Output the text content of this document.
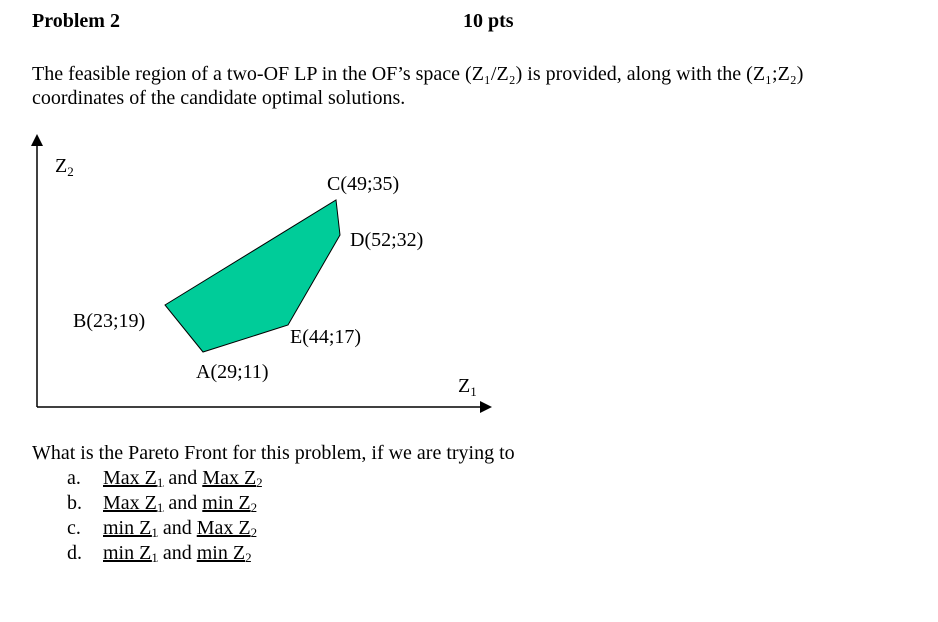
Problem 2	10 pts
The feasible region of a two-OF LP in the OF’s space (Z₁/Z₂) is provided, along with the (Z₁;Z₂)
coordinates of the candidate optimal solutions.
$Z_2$
$Z_1$
A(29;11)
B(23;19)
C(49;35)
D(52;32)
E(44;17)
What is the Pareto Front for this problem, if we are trying to
a. Max $Z_1$ and Max $Z_2$
b. Max $Z_1$ and $\min Z_2$
c. $\min Z_1$ and Max $Z_2$
d. $\min Z_1$ and $\min Z_2$
